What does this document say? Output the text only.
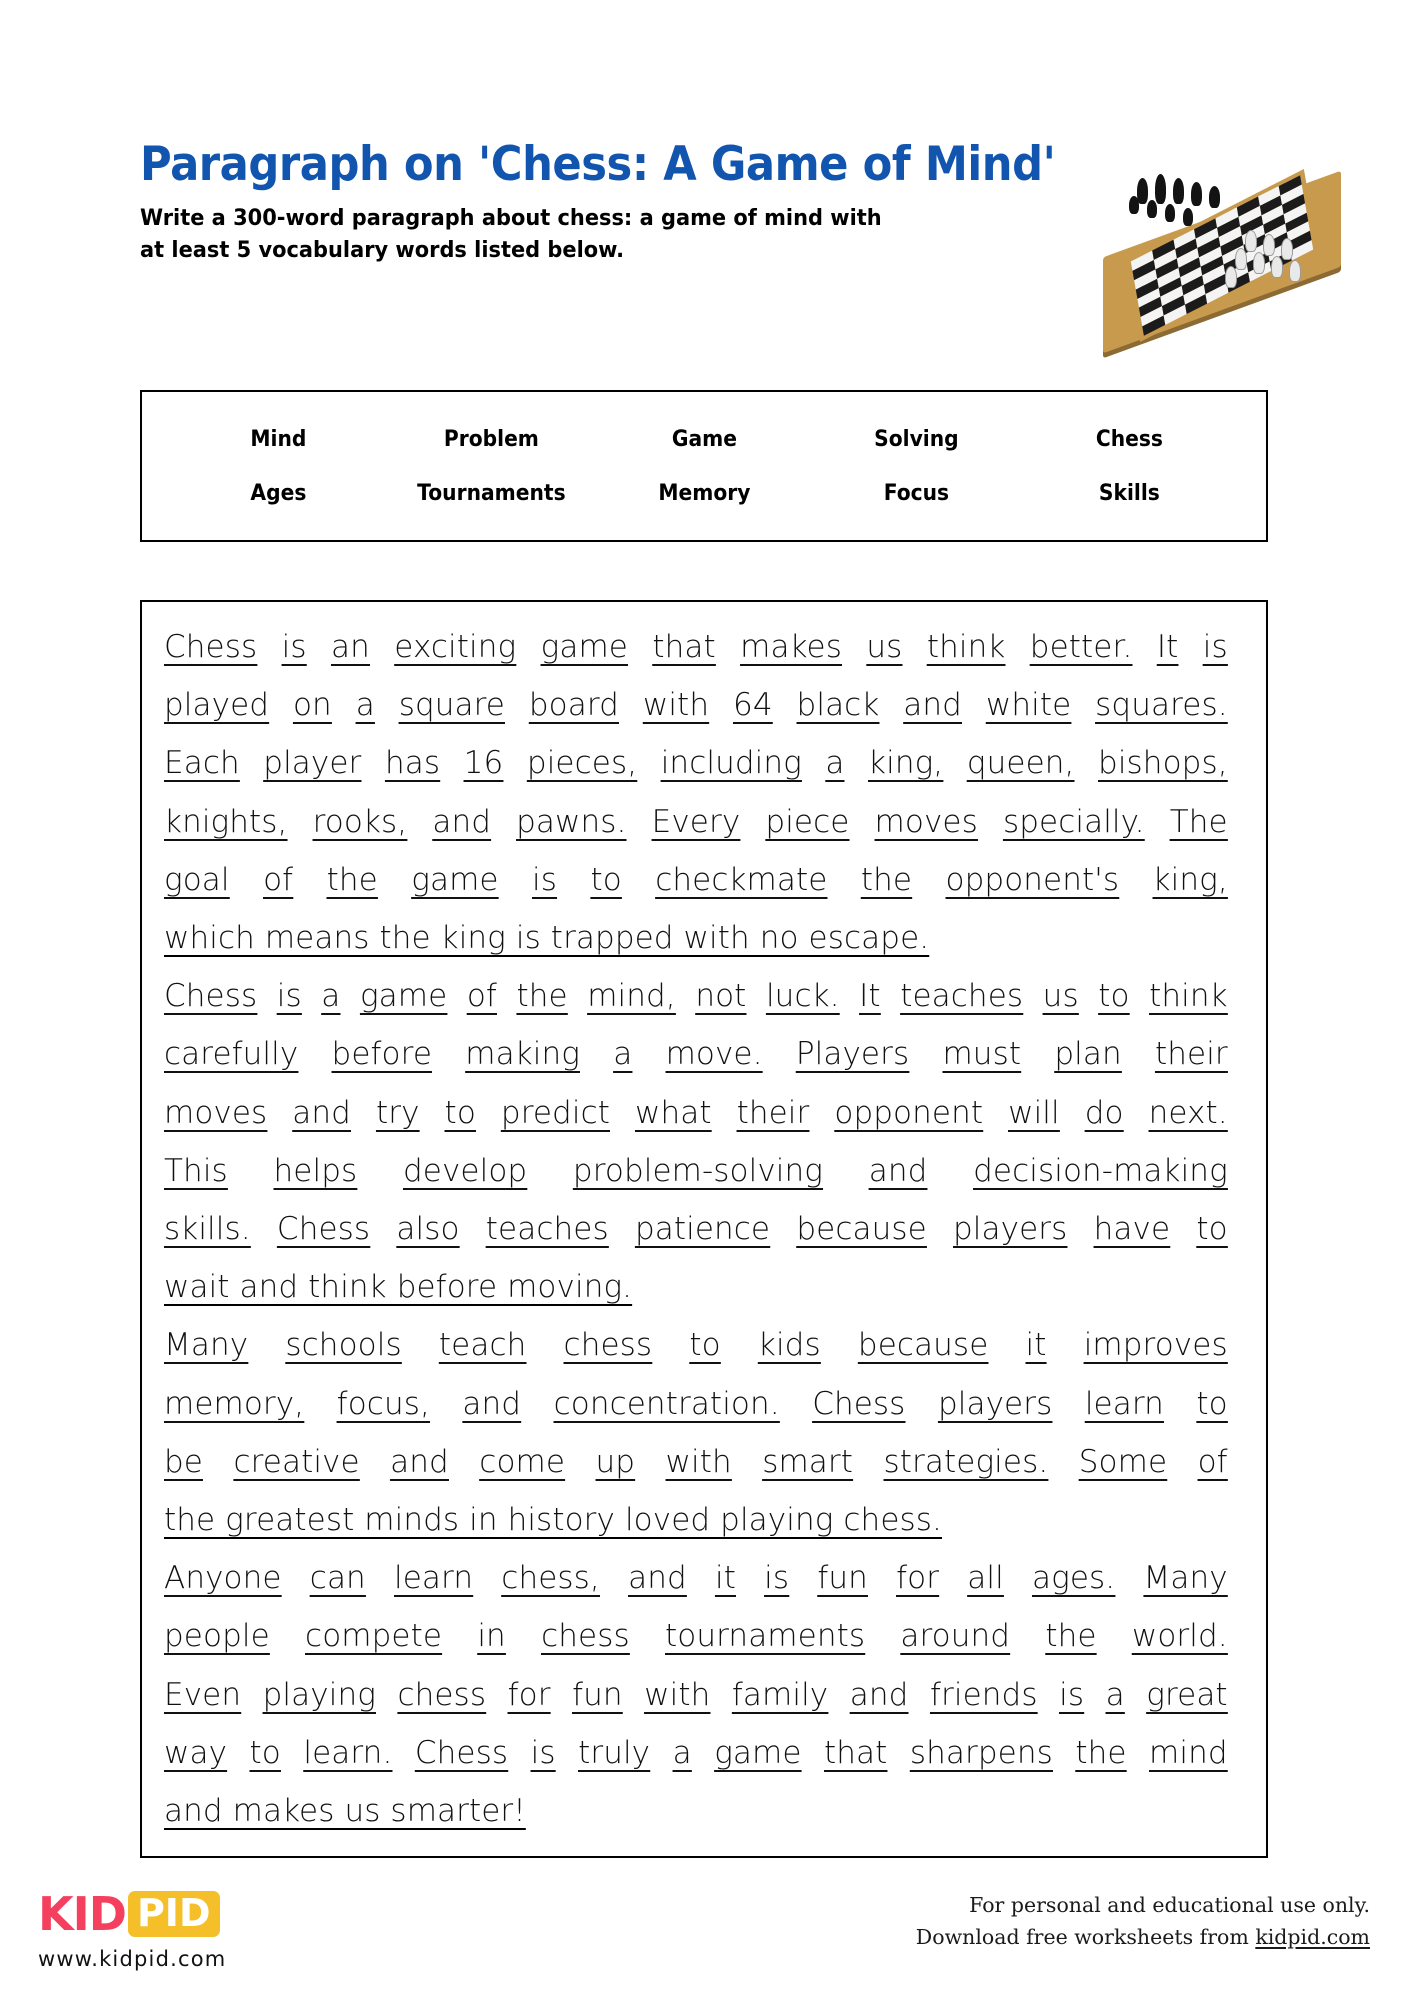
Paragraph on 'Chess: A Game of Mind'
Write a 300-word paragraph about chess: a game of mind with
at least 5 vocabulary words listed below.
Mind	Problem	Game	Solving	Chess
Ages	Tournaments	Memory	Focus	Skills
Chess is an exciting game that makes us think better. It is
played on a square board with 64 black and white squares.
Each player has 16 pieces, including a king, queen, bishops,
knights, rooks, and pawns. Every piece moves specially. The
goal of the game is to checkmate the opponent's king,
which means the king is trapped with no escape.
Chess is a game of the mind, not luck. It teaches us to think
carefully before making a move. Players must plan their
moves and try to predict what their opponent will do next.
This helps develop problem-solving and decision-making
skills. Chess also teaches patience because players have to
wait and think before moving.
Many schools teach chess to kids because it improves
memory, focus, and concentration. Chess players learn to
be creative and come up with smart strategies. Some of
the greatest minds in history loved playing chess.
Anyone can learn chess, and it is fun for all ages. Many
people compete in chess tournaments around the world.
Even playing chess for fun with family and friends is a great
way to learn. Chess is truly a game that sharpens the mind
and makes us smarter!
KID PID
www.kidpid.com
For personal and educational use only.
Download free worksheets from kidpid.com
